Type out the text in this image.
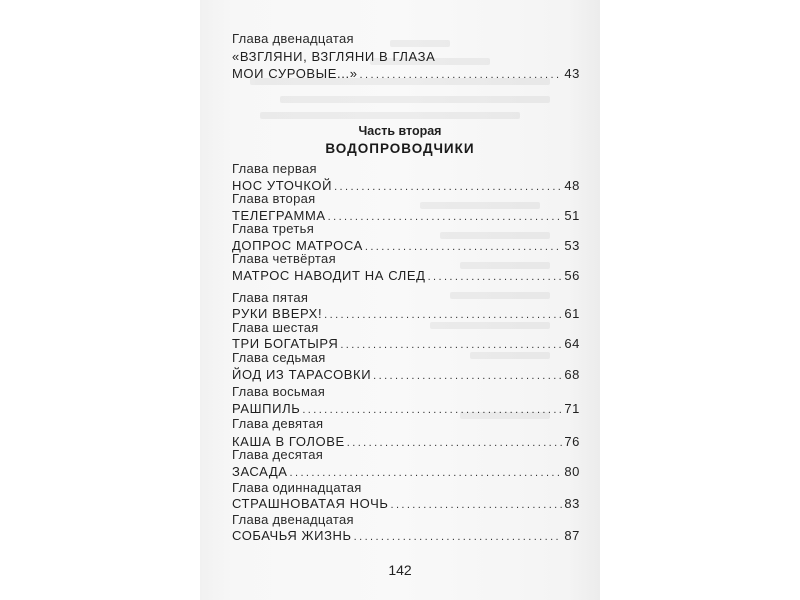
Глава двенадцатая
«ВЗГЛЯНИ, ВЗГЛЯНИ В ГЛАЗА
МОИ СУРОВЫЕ...» .....	43
Часть вторая
ВОДОПРОВОДЧИКИ
Глава первая
НОС УТОЧКОЙ .....	48
Глава вторая
ТЕЛЕГРАММА .....	51
Глава третья
ДОПРОС МАТРОСА .....	53
Глава четвёртая
МАТРОС НАВОДИТ НА СЛЕД .....	56
Глава пятая
РУКИ ВВЕРХ! .....	61
Глава шестая
ТРИ БОГАТЫРЯ .....	64
Глава седьмая
ЙОД ИЗ ТАРАСОВКИ .....	68
Глава восьмая
РАШПИЛЬ .....	71
Глава девятая
КАША В ГОЛОВЕ .....	76
Глава десятая
ЗАСАДА .....	80
Глава одиннадцатая
СТРАШНОВАТАЯ НОЧЬ .....	83
Глава двенадцатая
СОБАЧЬЯ ЖИЗНЬ .....	87
142
